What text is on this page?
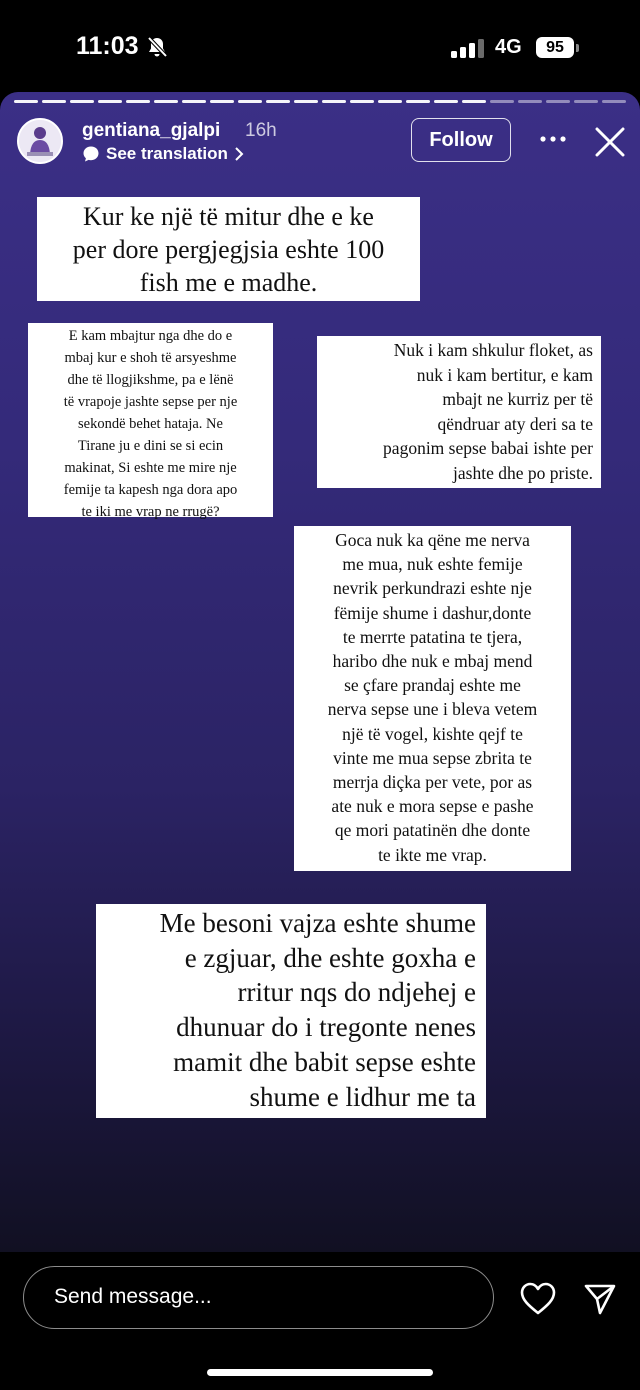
11:03	4G	95
gentiana_gjalpi 16h
See translation
Follow

Kur ke një të mitur dhe e ke

per dore pergjegjsia eshte 100

fish me e madhe.

E kam mbajtur nga dhe do e

mbaj kur e shoh të arsyeshme

dhe të llogjikshme, pa e lënë

të vrapoje jashte sepse per nje

sekondë behet hataja. Ne

Tirane ju e dini se si ecin

makinat, Si eshte me mire nje

femije ta kapesh nga dora apo

te iki me vrap ne rrugë?

Nuk i kam shkulur floket, as

nuk i kam bertitur, e kam

mbajt ne kurriz per të

qëndruar aty deri sa te

pagonim sepse babai ishte per

jashte dhe po priste.

Goca nuk ka qëne me nerva

me mua, nuk eshte femije

nevrik perkundrazi eshte nje

fëmije shume i dashur,donte

te merrte patatina te tjera,

haribo dhe nuk e mbaj mend

se çfare prandaj eshte me

nerva sepse une i bleva vetem

një të vogel, kishte qejf te

vinte me mua sepse zbrita te

merrja diçka per vete, por as

ate nuk e mora sepse e pashe

qe mori patatinën dhe donte

te ikte me vrap.

Me besoni vajza eshte shume

e zgjuar, dhe eshte goxha e

rritur nqs do ndjehej e

dhunuar do i tregonte nenes

mamit dhe babit sepse eshte

shume e lidhur me ta

Send message...
